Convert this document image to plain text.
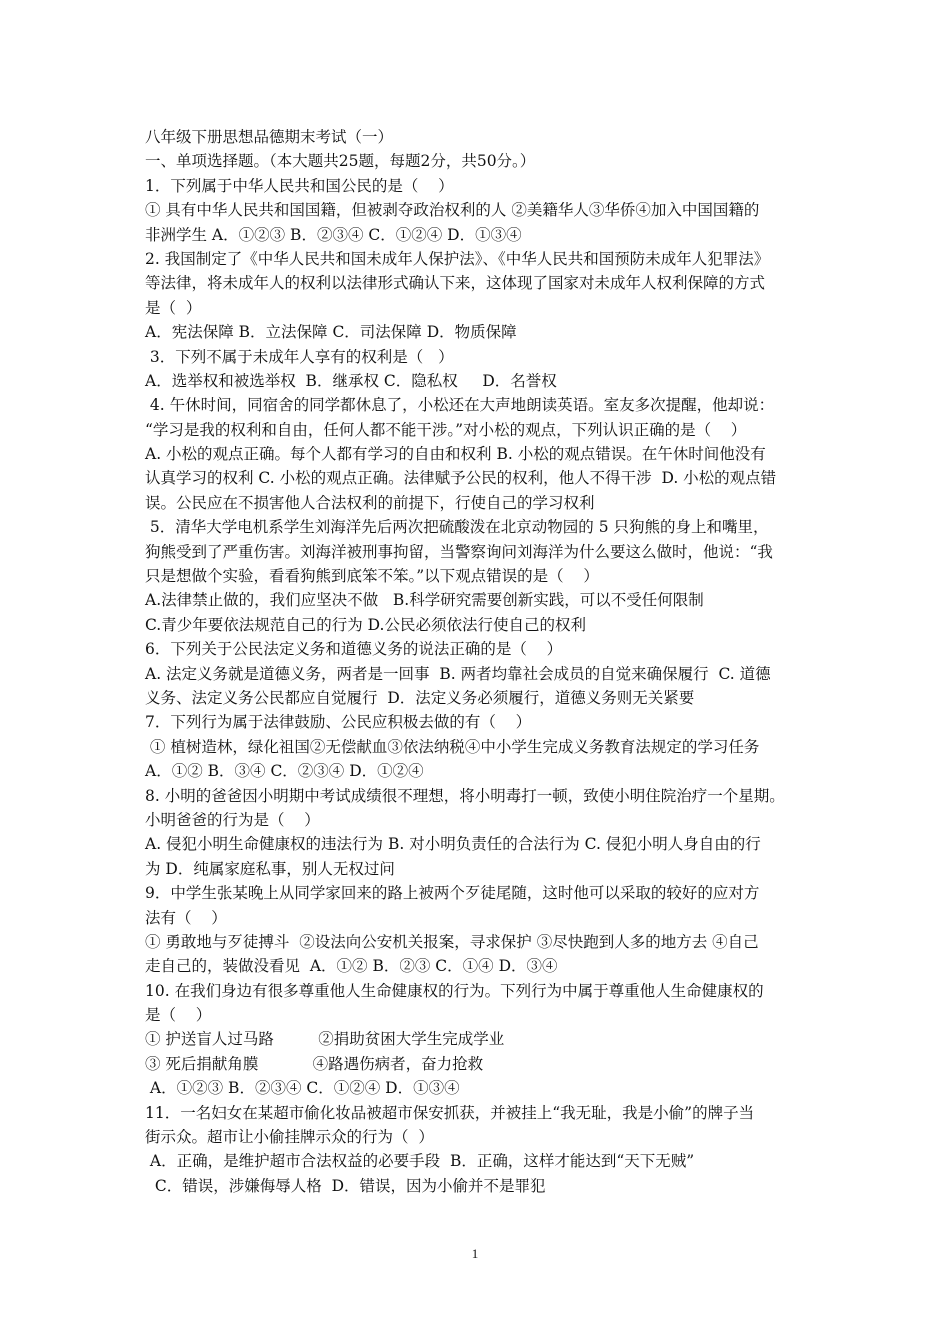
八年级下册思想品德期末考试（一）
一、单项选择题。（本大题共25题，每题2分，共50分。）
1．下列属于中华人民共和国公民的是（    ）
① 具有中华人民共和国国籍，但被剥夺政治权利的人 ②美籍华人③华侨④加入中国国籍的
非洲学生 A．①②③ B．②③④ C．①②④ D．①③④
2. 我国制定了《中华人民共和国未成年人保护法》、《中华人民共和国预防未成年人犯罪法》
等法律，将未成年人的权利以法律形式确认下来，这体现了国家对未成年人权利保障的方式
是（  ）
A．宪法保障 B．立法保障 C．司法保障 D．物质保障
3．下列不属于未成年人享有的权利是（   ）
A．选举权和被选举权  B．继承权 C．隐私权     D．名誉权
4. 午休时间，同宿舍的同学都休息了，小松还在大声地朗读英语。室友多次提醒，他却说：
“学习是我的权利和自由，任何人都不能干涉。”对小松的观点，下列认识正确的是（    ）
A. 小松的观点正确。每个人都有学习的自由和权利 B. 小松的观点错误。在午休时间他没有
认真学习的权利 C. 小松的观点正确。法律赋予公民的权利，他人不得干涉  D. 小松的观点错
误。公民应在不损害他人合法权利的前提下，行使自己的学习权利
5．清华大学电机系学生刘海洋先后两次把硫酸泼在北京动物园的 5 只狗熊的身上和嘴里，
狗熊受到了严重伤害。刘海洋被刑事拘留，当警察询问刘海洋为什么要这么做时，他说：“我
只是想做个实验，看看狗熊到底笨不笨。”以下观点错误的是（    ）
A.法律禁止做的，我们应坚决不做   B.科学研究需要创新实践，可以不受任何限制
C.青少年要依法规范自己的行为 D.公民必须依法行使自己的权利
6．下列关于公民法定义务和道德义务的说法正确的是（    ）
A. 法定义务就是道德义务，两者是一回事  B. 两者均靠社会成员的自觉来确保履行  C. 道德
义务、法定义务公民都应自觉履行  D．法定义务必须履行，道德义务则无关紧要
7．下列行为属于法律鼓励、公民应积极去做的有（    ）
① 植树造林，绿化祖国②无偿献血③依法纳税④中小学生完成义务教育法规定的学习任务
A．①② B．③④ C．②③④ D．①②④
8. 小明的爸爸因小明期中考试成绩很不理想，将小明毒打一顿，致使小明住院治疗一个星期。
小明爸爸的行为是（    ）
A. 侵犯小明生命健康权的违法行为 B. 对小明负责任的合法行为 C. 侵犯小明人身自由的行
为 D．纯属家庭私事，别人无权过问
9．中学生张某晚上从同学家回来的路上被两个歹徒尾随，这时他可以采取的较好的应对方
法有（    ）
① 勇敢地与歹徒搏斗  ②设法向公安机关报案，寻求保护 ③尽快跑到人多的地方去 ④自己
走自己的，装做没看见  A．①② B．②③ C．①④ D．③④
10. 在我们身边有很多尊重他人生命健康权的行为。下列行为中属于尊重他人生命健康权的
是（    ）
① 护送盲人过马路         ②捐助贫困大学生完成学业
③ 死后捐献角膜           ④路遇伤病者，奋力抢救
A．①②③ B．②③④ C．①②④ D．①③④
11．一名妇女在某超市偷化妆品被超市保安抓获，并被挂上“我无耻，我是小偷”的牌子当
街示众。超市让小偷挂牌示众的行为（  ）
A．正确，是维护超市合法权益的必要手段  B．正确，这样才能达到“天下无贼”
C．错误，涉嫌侮辱人格  D．错误，因为小偷并不是罪犯
1
